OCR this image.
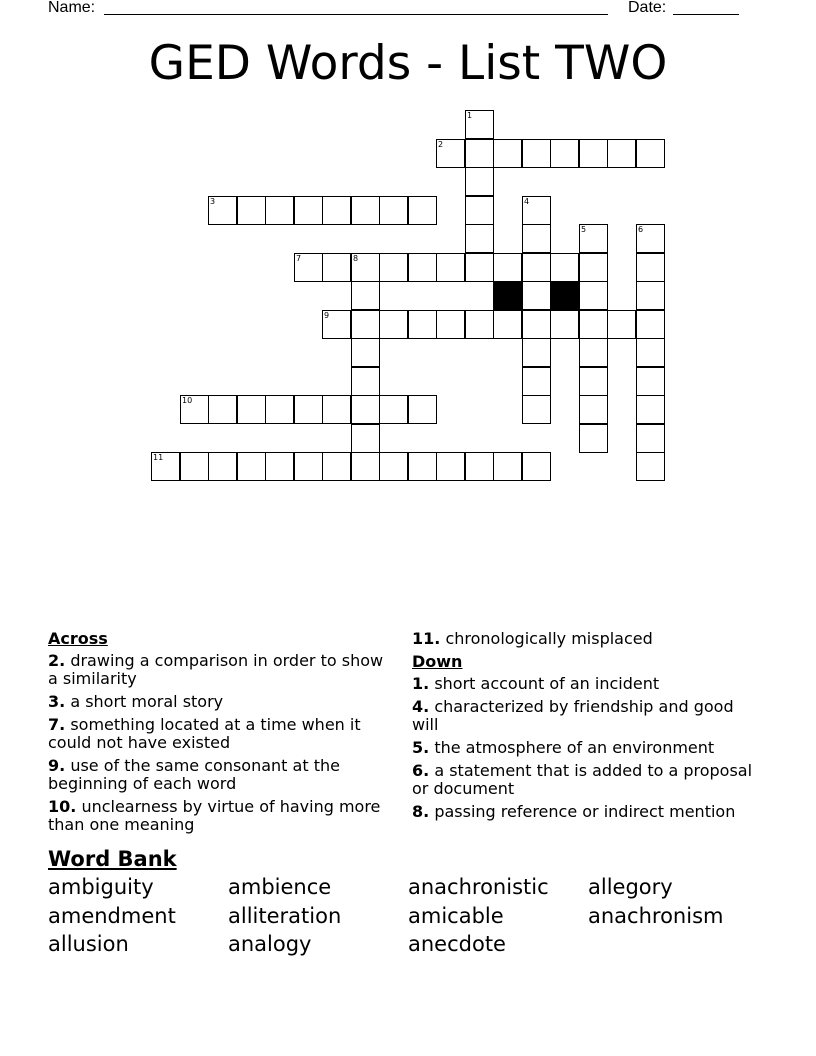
Name:	Date:
GED Words - List TWO
1
2
3	4
5	6
7	8
9
10
11
Across
2. drawing a comparison in order to show a similarity
3. a short moral story
7. something located at a time when it could not have existed
9. use of the same consonant at the beginning of each word
10. unclearness by virtue of having more than one meaning
11. chronologically misplaced
Down
1. short account of an incident
4. characterized by friendship and good will
5. the atmosphere of an environment
6. a statement that is added to a proposal or document
8. passing reference or indirect mention
Word Bank
ambiguity	ambience	anachronistic	allegory
amendment	alliteration	amicable	anachronism
allusion	analogy	anecdote
